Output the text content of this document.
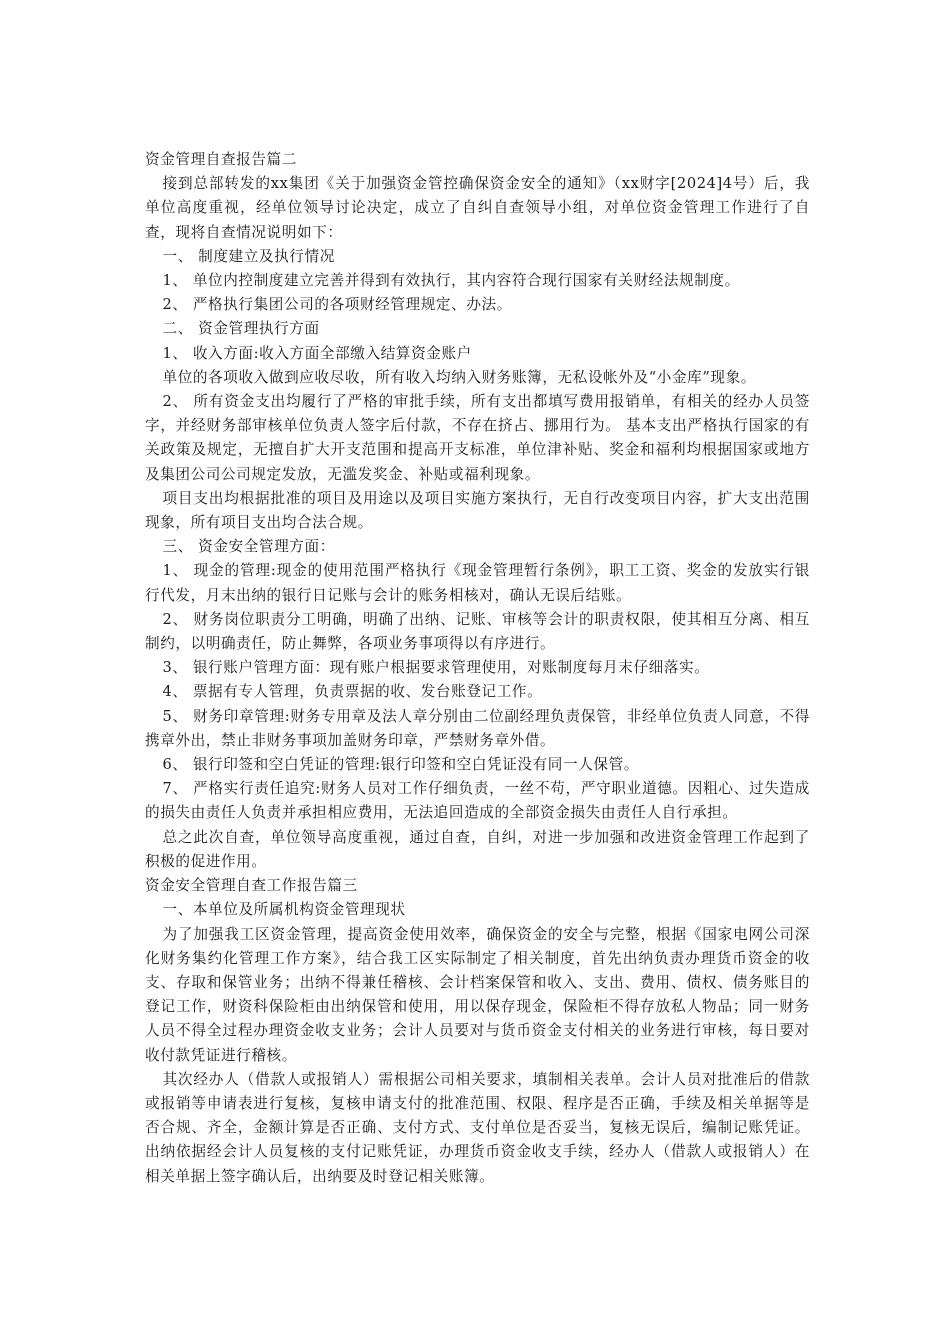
资金管理自查报告篇二

接到总部转发的xx集团《关于加强资金管控确保资金安全的通知》（xx财字[2024]4号）后，我单位高度重视，经单位领导讨论决定，成立了自纠自查领导小组，对单位资金管理工作进行了自查，现将自查情况说明如下：

一、 制度建立及执行情况

1、 单位内控制度建立完善并得到有效执行，其内容符合现行国家有关财经法规制度。

2、 严格执行集团公司的各项财经管理规定、办法。

二、 资金管理执行方面

1、 收入方面:收入方面全部缴入结算资金账户

单位的各项收入做到应收尽收，所有收入均纳入财务账簿，无私设帐外及“小金库”现象。

2、 所有资金支出均履行了严格的审批手续，所有支出都填写费用报销单，有相关的经办人员签字，并经财务部审核单位负责人签字后付款，不存在挤占、挪用行为。 基本支出严格执行国家的有关政策及规定，无擅自扩大开支范围和提高开支标准，单位津补贴、奖金和福利均根据国家或地方及集团公司公司规定发放，无滥发奖金、补贴或福利现象。

项目支出均根据批准的项目及用途以及项目实施方案执行，无自行改变项目内容，扩大支出范围现象，所有项目支出均合法合规。

三、 资金安全管理方面：

1、 现金的管理:现金的使用范围严格执行《现金管理暂行条例》，职工工资、奖金的发放实行银行代发，月末出纳的银行日记账与会计的账务相核对，确认无误后结账。

2、 财务岗位职责分工明确，明确了出纳、记账、审核等会计的职责权限，使其相互分离、相互制约，以明确责任，防止舞弊，各项业务事项得以有序进行。

3、 银行账户管理方面：现有账户根据要求管理使用，对账制度每月末仔细落实。

4、 票据有专人管理，负责票据的收、发台账登记工作。

5、 财务印章管理:财务专用章及法人章分别由二位副经理负责保管，非经单位负责人同意，不得携章外出，禁止非财务事项加盖财务印章，严禁财务章外借。

6、 银行印签和空白凭证的管理:银行印签和空白凭证没有同一人保管。

7、 严格实行责任追究:财务人员对工作仔细负责，一丝不苟，严守职业道德。因粗心、过失造成的损失由责任人负责并承担相应费用，无法追回造成的全部资金损失由责任人自行承担。

总之此次自查，单位领导高度重视，通过自查，自纠，对进一步加强和改进资金管理工作起到了积极的促进作用。

资金安全管理自查工作报告篇三

一、本单位及所属机构资金管理现状

为了加强我工区资金管理，提高资金使用效率，确保资金的安全与完整，根据《国家电网公司深化财务集约化管理工作方案》，结合我工区实际制定了相关制度，首先出纳负责办理货币资金的收支、存取和保管业务；出纳不得兼任稽核、会计档案保管和收入、支出、费用、债权、债务账目的登记工作，财资科保险柜由出纳保管和使用，用以保存现金，保险柜不得存放私人物品；同一财务人员不得全过程办理资金收支业务；会计人员要对与货币资金支付相关的业务进行审核，每日要对收付款凭证进行稽核。

其次经办人（借款人或报销人）需根据公司相关要求，填制相关表单。会计人员对批准后的借款或报销等申请表进行复核，复核申请支付的批准范围、权限、程序是否正确，手续及相关单据等是否合规、齐全，金额计算是否正确、支付方式、支付单位是否妥当，复核无误后，编制记账凭证。出纳依据经会计人员复核的支付记账凭证，办理货币资金收支手续，经办人（借款人或报销人）在相关单据上签字确认后，出纳要及时登记相关账簿。
